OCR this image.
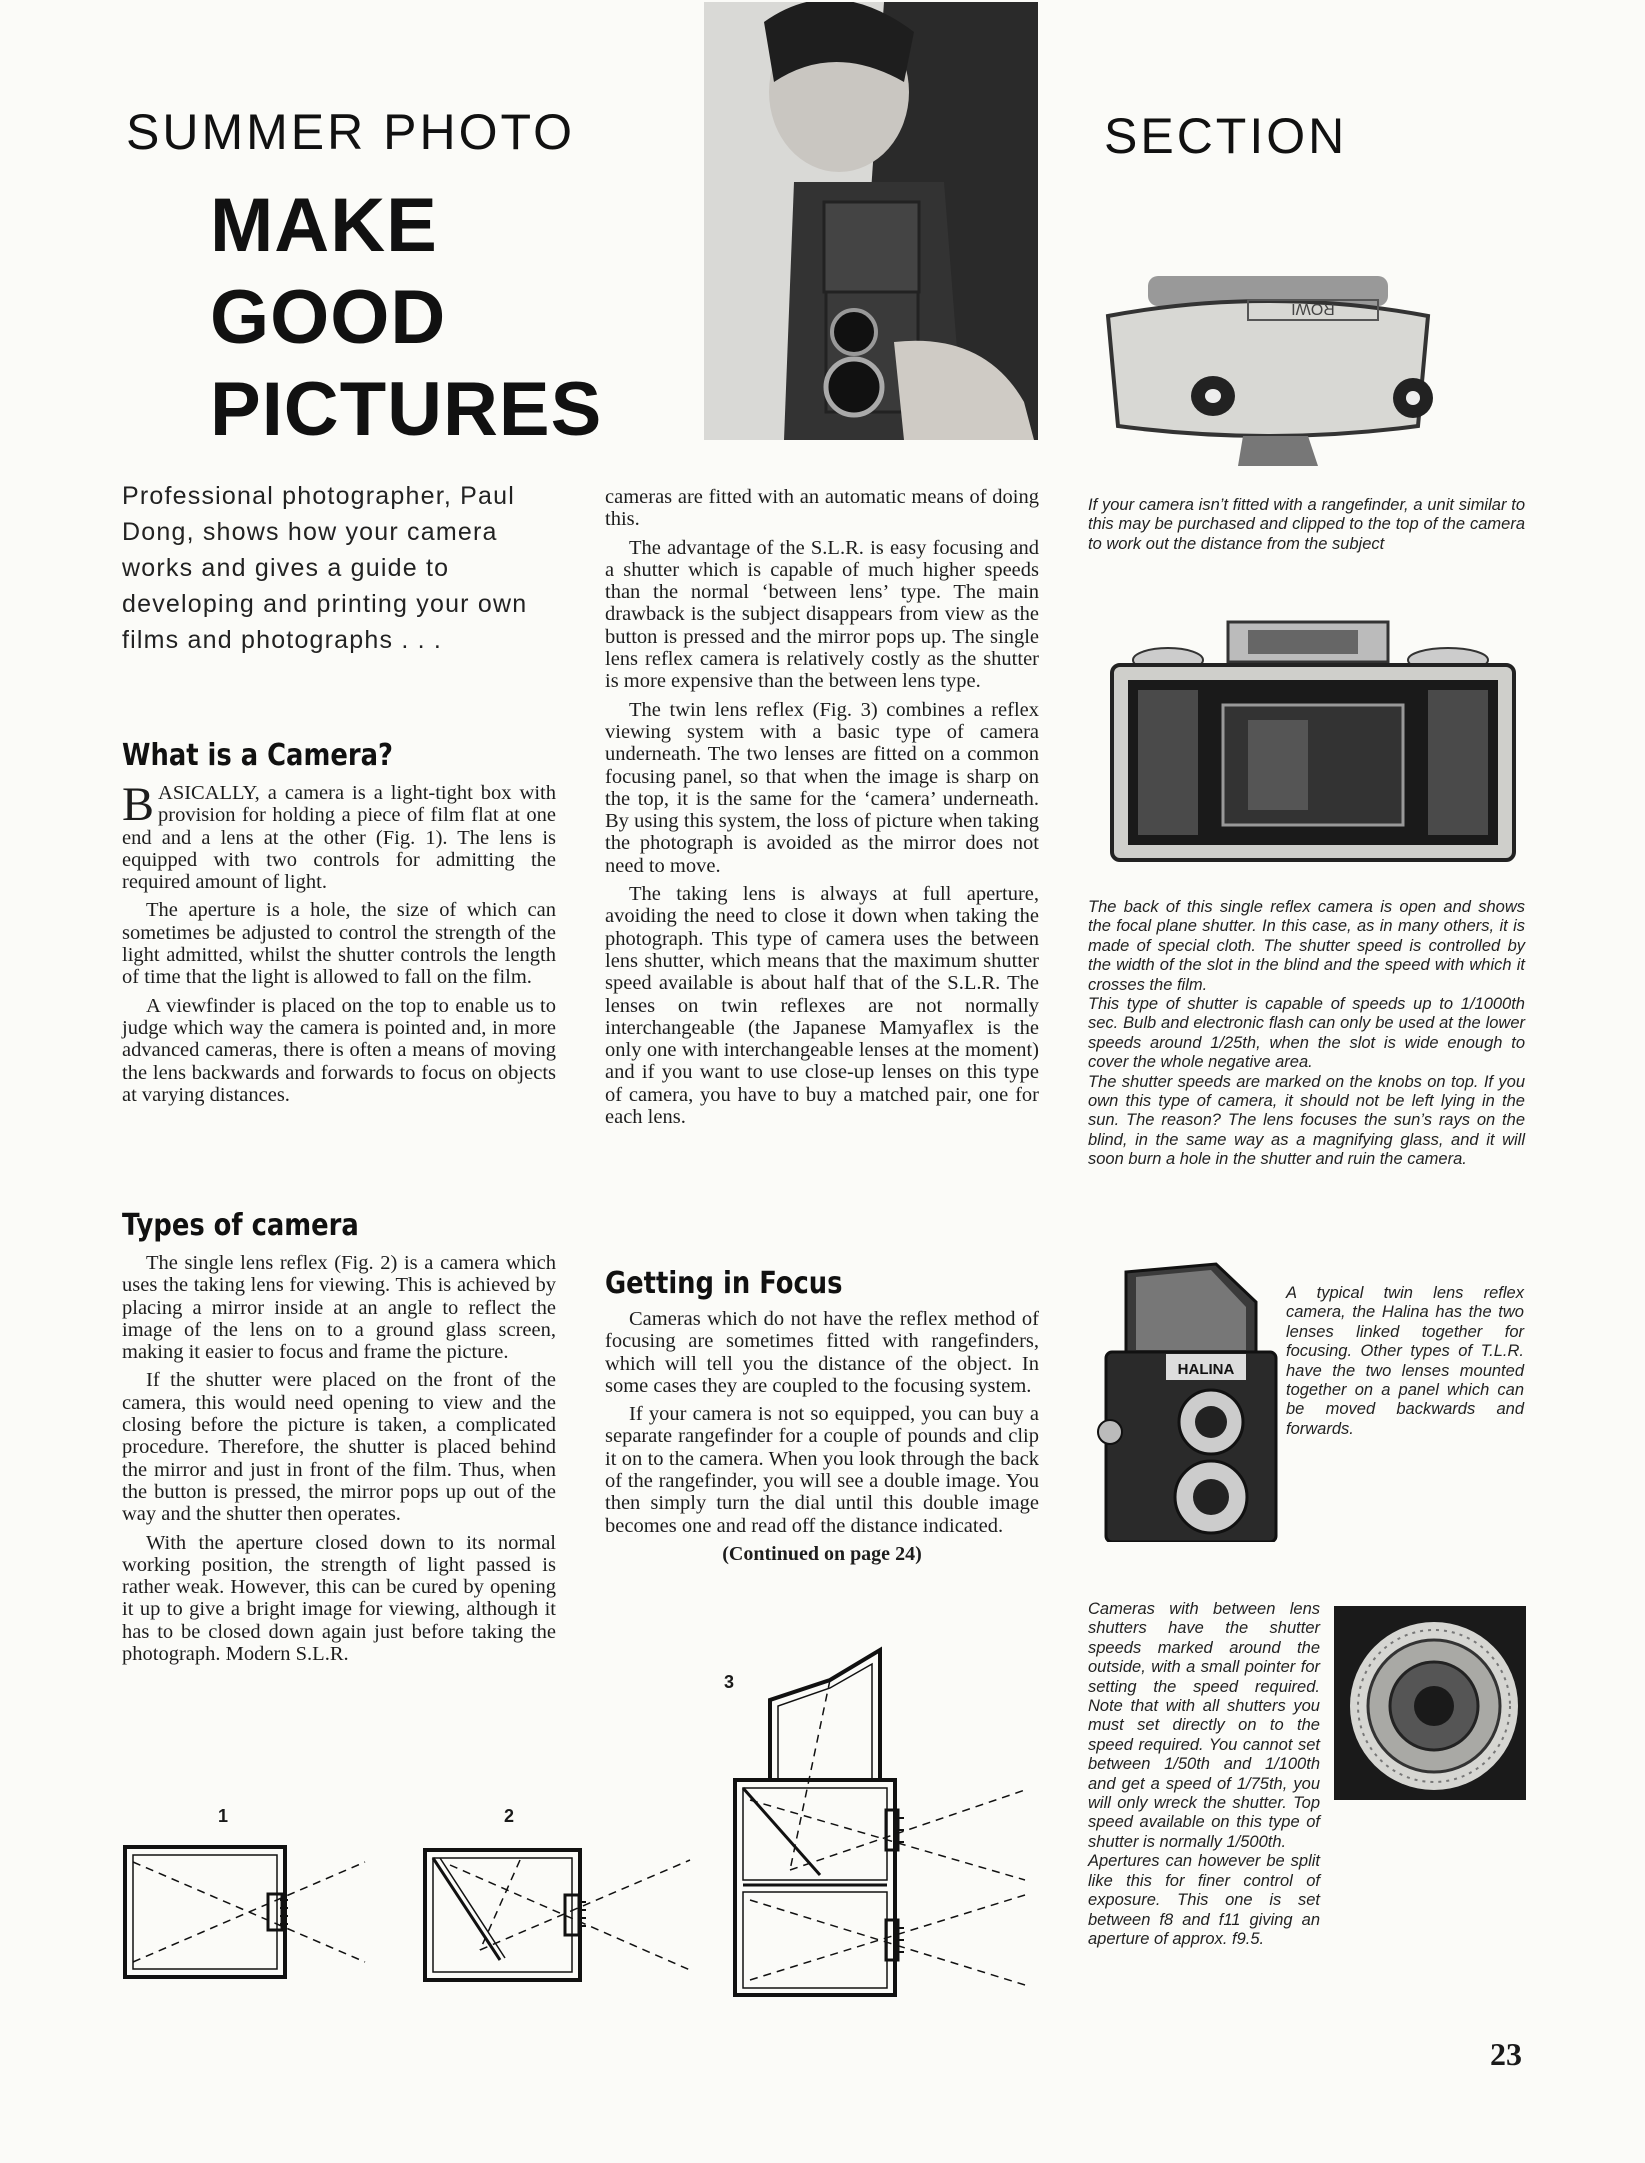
SUMMER PHOTO	SECTION
MAKE
GOOD
PICTURES
ROWI
Professional photographer, Paul Dong, shows how your camera works and gives a guide to developing and printing your own films and photographs . . .
What is a Camera?

BASICALLY, a camera is a light-tight box with provision for holding a piece of film flat at one end and a lens at the other (Fig. 1). The lens is equipped with two controls for admitting the required amount of light.

The aperture is a hole, the size of which can sometimes be adjusted to control the strength of the light admitted, whilst the shutter controls the length of time that the light is allowed to fall on the film.

A viewfinder is placed on the top to enable us to judge which way the camera is pointed and, in more advanced cameras, there is often a means of moving the lens backwards and forwards to focus on objects at varying distances.

Types of camera

The single lens reflex (Fig. 2) is a camera which uses the taking lens for viewing. This is achieved by placing a mirror inside at an angle to reflect the image of the lens on to a ground glass screen, making it easier to focus and frame the picture.

If the shutter were placed on the front of the camera, this would need opening to view and the closing before the picture is taken, a complicated procedure. Therefore, the shutter is placed behind the mirror and just in front of the film. Thus, when the button is pressed, the mirror pops up out of the way and the shutter then operates.

With the aperture closed down to its normal working position, the strength of light passed is rather weak. However, this can be cured by opening it up to give a bright image for viewing, although it has to be closed down again just before taking the photograph. Modern S.L.R.

cameras are fitted with an automatic means of doing this.

The advantage of the S.L.R. is easy focusing and a shutter which is capable of much higher speeds than the normal ‘between lens’ type. The main drawback is the subject disappears from view as the button is pressed and the mirror pops up. The single lens reflex camera is relatively costly as the shutter is more expensive than the between lens type.

The twin lens reflex (Fig. 3) combines a reflex viewing system with a basic type of camera underneath. The two lenses are fitted on a common focusing panel, so that when the image is sharp on the top, it is the same for the ‘camera’ underneath. By using this system, the loss of picture when taking the photograph is avoided as the mirror does not need to move.

The taking lens is always at full aperture, avoiding the need to close it down when taking the photograph. This type of camera uses the between lens shutter, which means that the maximum shutter speed available is about half that of the S.L.R. The lenses on twin reflexes are not normally interchangeable (the Japanese Mamyaflex is the only one with interchangeable lenses at the moment) and if you want to use close-up lenses on this type of camera, you have to buy a matched pair, one for each lens.

Getting in Focus

Cameras which do not have the reflex method of focusing are sometimes fitted with rangefinders, which will tell you the distance of the object. In some cases they are coupled to the focusing system.

If your camera is not so equipped, you can buy a separate rangefinder for a couple of pounds and clip it on to the camera. When you look through the back of the rangefinder, you will see a double image. You then simply turn the dial until this double image becomes one and read off the distance indicated.

(Continued on page 24)
If your camera isn’t fitted with a rangefinder, a unit similar to this may be purchased and clipped to the top of the camera to work out the distance from the subject
The back of this single reflex camera is open and shows the focal plane shutter. In this case, as in many others, it is made of special cloth. The shutter speed is controlled by the width of the slot in the blind and the speed with which it crosses the film.
This type of shutter is capable of speeds up to 1/1000th sec. Bulb and electronic flash can only be used at the lower speeds around 1/25th, when the slot is wide enough to cover the whole negative area.
The shutter speeds are marked on the knobs on top. If you own this type of camera, it should not be left lying in the sun. The reason? The lens focuses the sun’s rays on the blind, in the same way as a magnifying glass, and it will soon burn a hole in the shutter and ruin the camera.
HALINA
A typical twin lens reflex camera, the Halina has the two lenses linked together for focusing. Other types of T.L.R. have the two lenses mounted together on a panel which can be moved backwards and forwards.
Cameras with between lens shutters have the shutter speeds marked around the outside, with a small pointer for setting the speed required. Note that with all shutters you must set directly on to the speed required. You cannot set between 1/50th and 1/100th and get a speed of 1/75th, you will only wreck the shutter. Top speed available on this type of shutter is normally 1/500th.
Apertures can however be split like this for finer control of exposure. This one is set between f8 and f11 giving an aperture of approx. f9.5.
1	2
3
23
